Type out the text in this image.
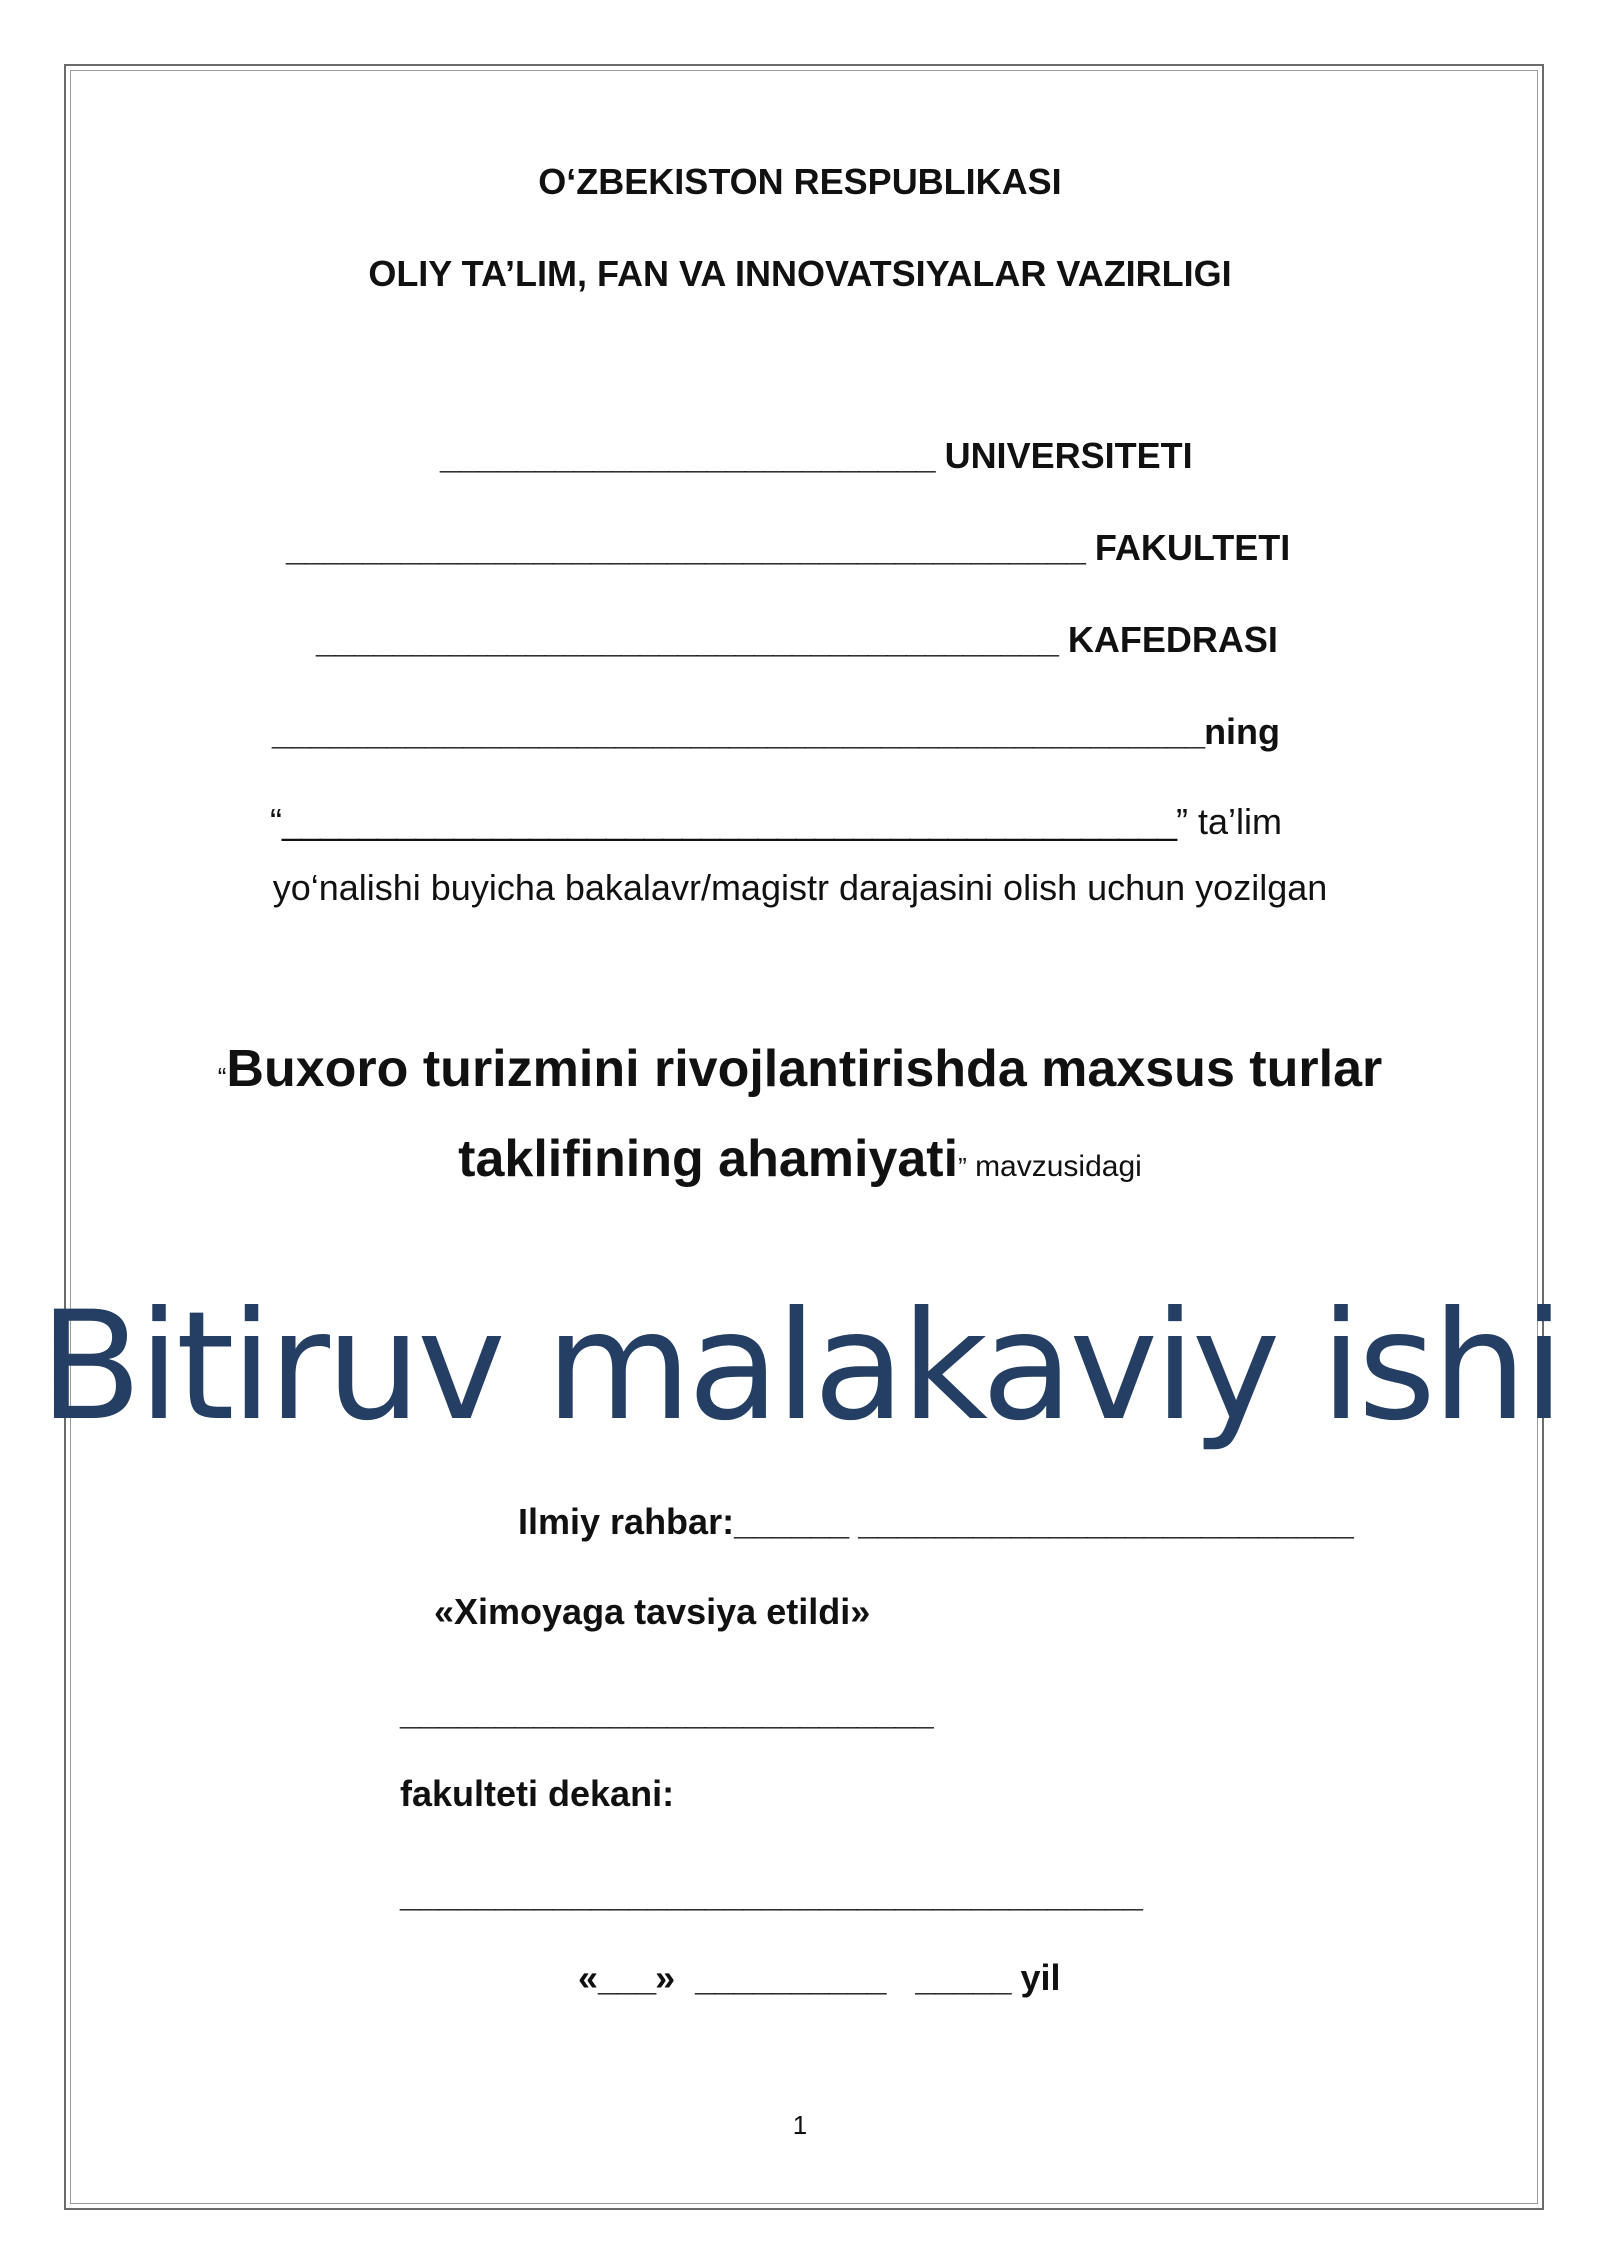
O‘ZBEKISTON RESPUBLIKASI
OLIY TA’LIM, FAN VA INNOVATSIYALAR VAZIRLIGI
__________________________ UNIVERSITETI
__________________________________________ FAKULTETI
_______________________________________ KAFEDRASI
_________________________________________________ning
“_______________________________________________” ta’lim
yo‘nalishi buyicha bakalavr/magistr darajasini olish uchun yozilgan
“Buxoro turizmini rivojlantirishda maxsus turlar
taklifining ahamiyati” mavzusidagi
Bitiruv malakaviy ishi
Ilmiy rahbar:______ __________________________
«Ximoyaga tavsiya etildi»
____________________________
fakulteti dekani:
_______________________________________
«___» __________ _____ yil
1
